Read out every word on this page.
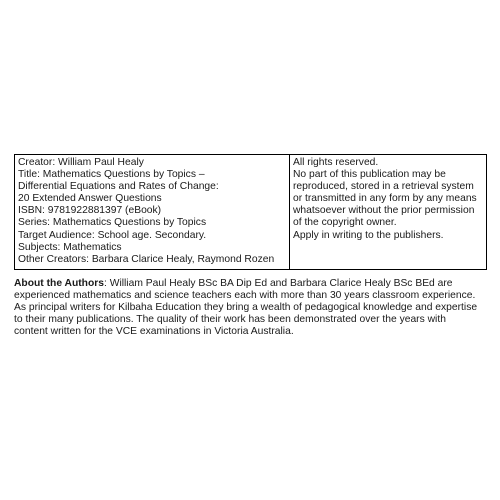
Creator: William Paul Healy
Title: Mathematics Questions by Topics –
Differential Equations and Rates of Change:
20 Extended Answer Questions
ISBN: 9781922881397 (eBook)
Series: Mathematics Questions by Topics
Target Audience: School age. Secondary.
Subjects: Mathematics
Other Creators: Barbara Clarice Healy, Raymond Rozen

All rights reserved.
No part of this publication may be
reproduced, stored in a retrieval system
or transmitted in any form by any means
whatsoever without the prior permission
of the copyright owner.
Apply in writing to the publishers.

About the Authors: William Paul Healy BSc BA Dip Ed and Barbara Clarice Healy BSc BEd are
experienced mathematics and science teachers each with more than 30 years classroom experience.
As principal writers for Kilbaha Education they bring a wealth of pedagogical knowledge and expertise
to their many publications. The quality of their work has been demonstrated over the years with
content written for the VCE examinations in Victoria Australia.
